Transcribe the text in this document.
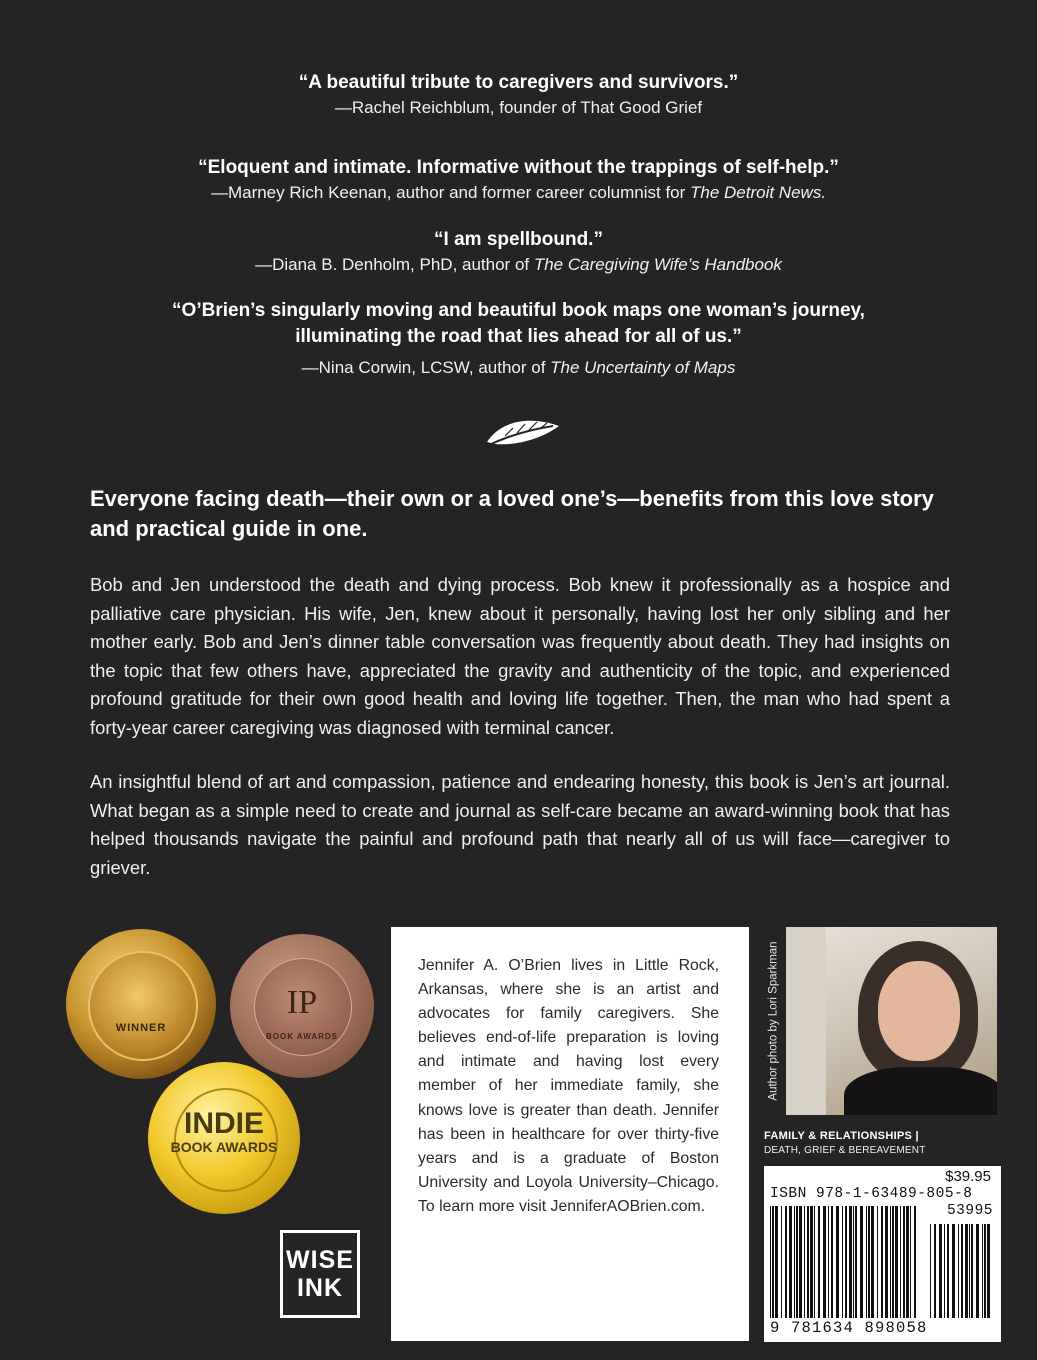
“A beautiful tribute to caregivers and survivors.”
—Rachel Reichblum, founder of That Good Grief
“Eloquent and intimate. Informative without the trappings of self-help.”
—Marney Rich Keenan, author and former career columnist for The Detroit News.
“I am spellbound.”
—Diana B. Denholm, PhD, author of The Caregiving Wife’s Handbook
“O’Brien’s singularly moving and beautiful book maps one woman’s journey, illuminating the road that lies ahead for all of us.”
—Nina Corwin, LCSW, author of The Uncertainty of Maps
Everyone facing death—their own or a loved one’s—benefits from this love story and practical guide in one.

Bob and Jen understood the death and dying process. Bob knew it professionally as a hospice and palliative care physician. His wife, Jen, knew about it personally, having lost her only sibling and her mother early. Bob and Jen’s dinner table conversation was frequently about death. They had insights on the topic that few others have, appreciated the gravity and authenticity of the topic, and experienced profound gratitude for their own good health and loving life together. Then, the man who had spent a forty-year career caregiving was diagnosed with terminal cancer.

An insightful blend of art and compassion, patience and endearing honesty, this book is Jen’s art journal. What began as a simple need to create and journal as self-care became an award-winning book that has helped thousands navigate the painful and profound path that nearly all of us will face—caregiver to griever.

WINNER
IP
BOOK AWARDS
INDIE
BOOK AWARDS
WISE
INK

Jennifer A. O’Brien lives in Little Rock, Arkansas, where she is an artist and advocates for family caregivers. She believes end-of-life preparation is loving and intimate and having lost every member of her immediate family, she knows love is greater than death. Jennifer has been in healthcare for over thirty-five years and is a graduate of Boston University and Loyola University–Chicago. To learn more visit JenniferAOBrien.com.

Author photo by Lori Sparkman
FAMILY & RELATIONSHIPS |
DEATH, GRIEF & BEREAVEMENT
$39.95
ISBN 978-1-63489-805-8
53995
9 781634 898058
